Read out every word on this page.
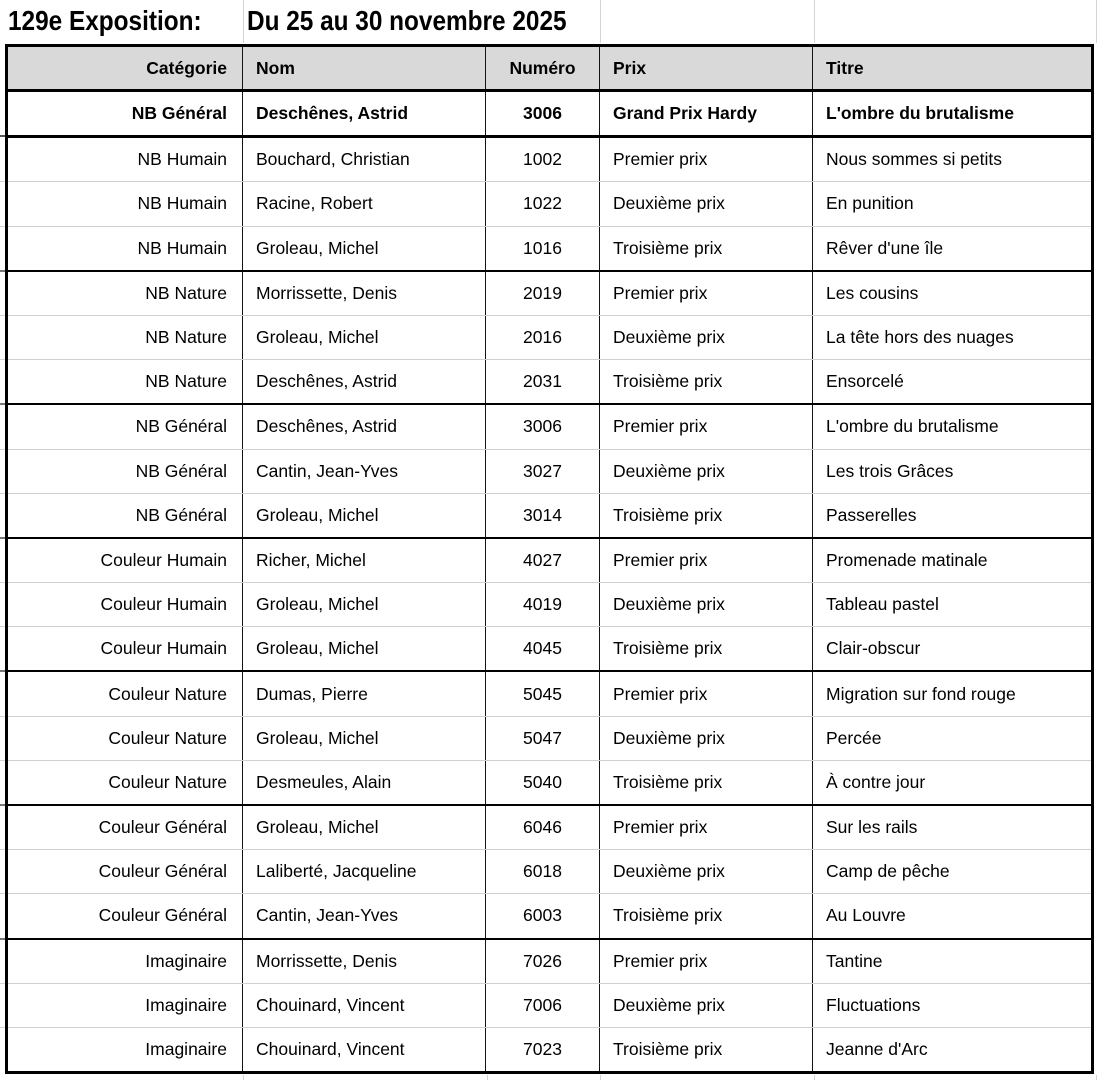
129e Exposition: Du 25 au 30 novembre 2025
Catégorie	Nom	Numéro	Prix	Titre
NB Général	Deschênes, Astrid	3006	Grand Prix Hardy	L'ombre du brutalisme
NB Humain	Bouchard, Christian	1002	Premier prix	Nous sommes si petits
NB Humain	Racine, Robert	1022	Deuxième prix	En punition
NB Humain	Groleau, Michel	1016	Troisième prix	Rêver d'une île
NB Nature	Morrissette, Denis	2019	Premier prix	Les cousins
NB Nature	Groleau, Michel	2016	Deuxième prix	La tête hors des nuages
NB Nature	Deschênes, Astrid	2031	Troisième prix	Ensorcelé
NB Général	Deschênes, Astrid	3006	Premier prix	L'ombre du brutalisme
NB Général	Cantin, Jean-Yves	3027	Deuxième prix	Les trois Grâces
NB Général	Groleau, Michel	3014	Troisième prix	Passerelles
Couleur Humain	Richer, Michel	4027	Premier prix	Promenade matinale
Couleur Humain	Groleau, Michel	4019	Deuxième prix	Tableau pastel
Couleur Humain	Groleau, Michel	4045	Troisième prix	Clair-obscur
Couleur Nature	Dumas, Pierre	5045	Premier prix	Migration sur fond rouge
Couleur Nature	Groleau, Michel	5047	Deuxième prix	Percée
Couleur Nature	Desmeules, Alain	5040	Troisième prix	À contre jour
Couleur Général	Groleau, Michel	6046	Premier prix	Sur les rails
Couleur Général	Laliberté, Jacqueline	6018	Deuxième prix	Camp de pêche
Couleur Général	Cantin, Jean-Yves	6003	Troisième prix	Au Louvre
Imaginaire	Morrissette, Denis	7026	Premier prix	Tantine
Imaginaire	Chouinard, Vincent	7006	Deuxième prix	Fluctuations
Imaginaire	Chouinard, Vincent	7023	Troisième prix	Jeanne d'Arc
